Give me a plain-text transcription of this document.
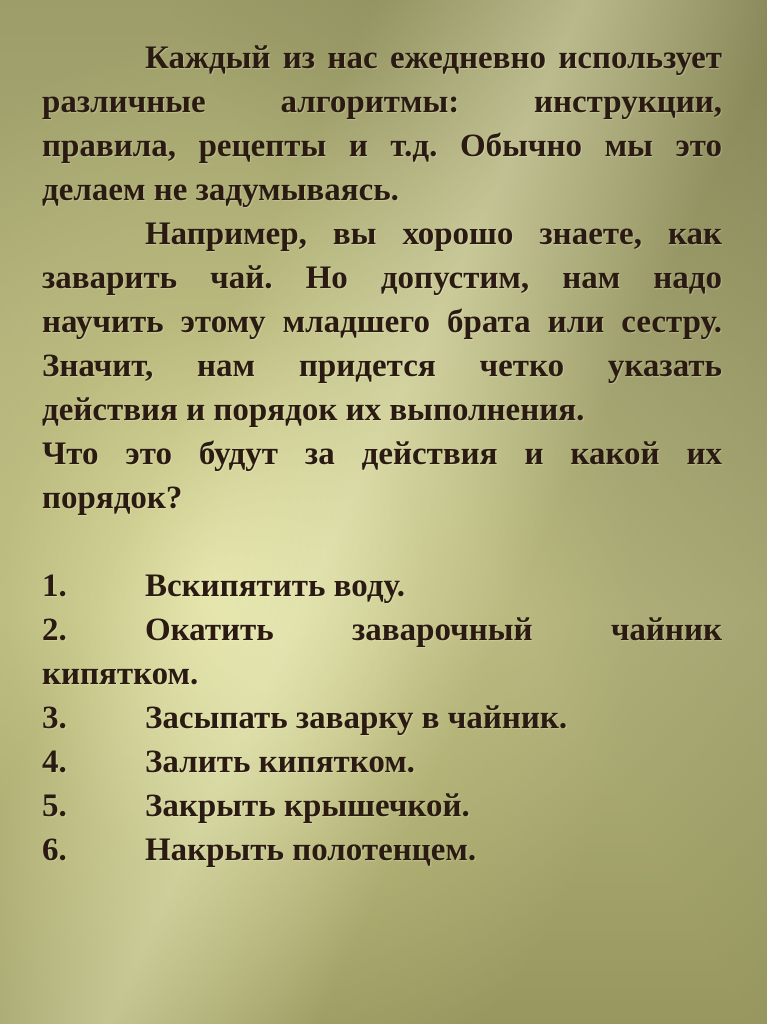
Каждый из нас ежедневно использует различные алгоритмы: инструкции, правила, рецепты и т.д. Обычно мы это делаем не задумываясь.

Например, вы хорошо знаете, как заварить чай. Но допустим, нам надо научить этому младшего брата или сестру. Значит, нам придется четко указать действия и порядок их выполнения.

Что это будут за действия и какой их порядок?

1.	Вскипятить воду.
2.	Окатить заварочный чайник
кипятком.
3.	Засыпать заварку в чайник.
4.	Залить кипятком.
5.	Закрыть крышечкой.
6.	Накрыть полотенцем.
